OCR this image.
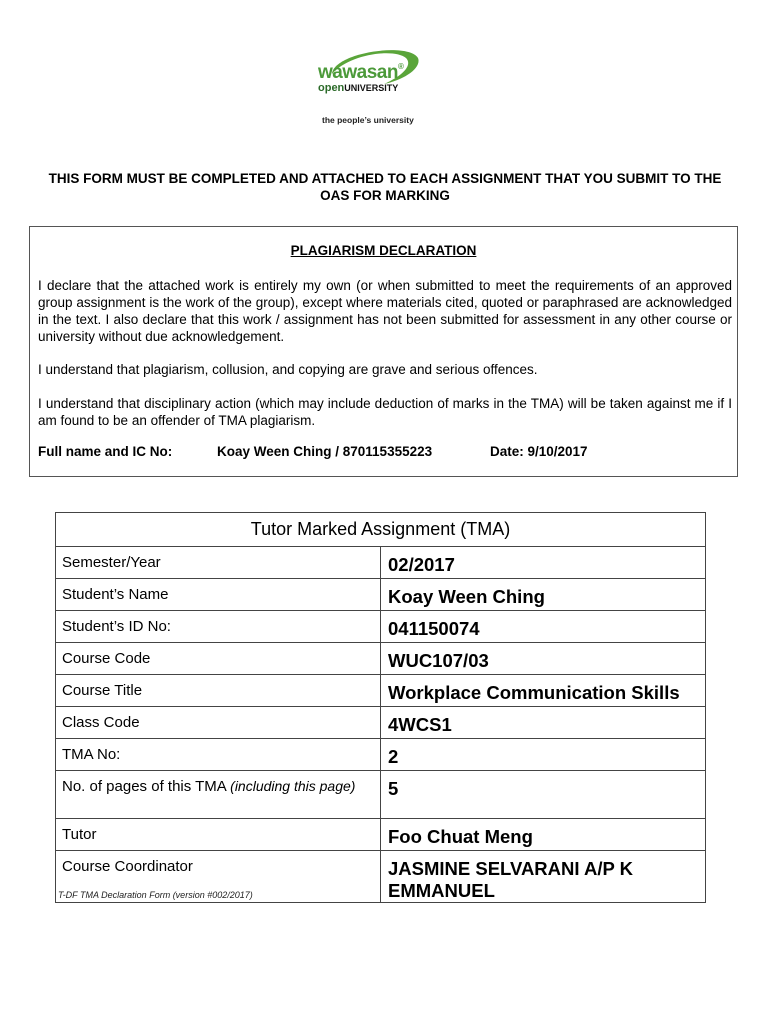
wawasan®
openUNIVERSITY
the people’s university
THIS FORM MUST BE COMPLETED AND ATTACHED TO EACH ASSIGNMENT THAT YOU SUBMIT TO THE OAS FOR MARKING
PLAGIARISM DECLARATION
I declare that the attached work is entirely my own (or when submitted to meet the requirements of an approved group assignment is the work of the group), except where materials cited, quoted or paraphrased are acknowledged in the text. I also declare that this work / assignment has not been submitted for assessment in any other course or university without due acknowledgement.
I understand that plagiarism, collusion, and copying are grave and serious offences.
I understand that disciplinary action (which may include deduction of marks in the TMA) will be taken against me if I am found to be an offender of TMA plagiarism.
Full name and IC No:	Koay Ween Ching / 870115355223	Date: 9/10/2017
Tutor Marked Assignment (TMA)	

Semester/Year	02/2017

Student’s Name	Koay Ween Ching

Student’s ID No:	041150074

Course Code	WUC107/03

Course Title	Workplace Communication Skills

Class Code	4WCS1

TMA No:	2

No. of pages of this TMA (including this page)	5

Tutor	Foo Chuat Meng

Course Coordinator	JASMINE SELVARANI A/P K EMMANUEL
T-DF TMA Declaration Form (version #002/2017)
